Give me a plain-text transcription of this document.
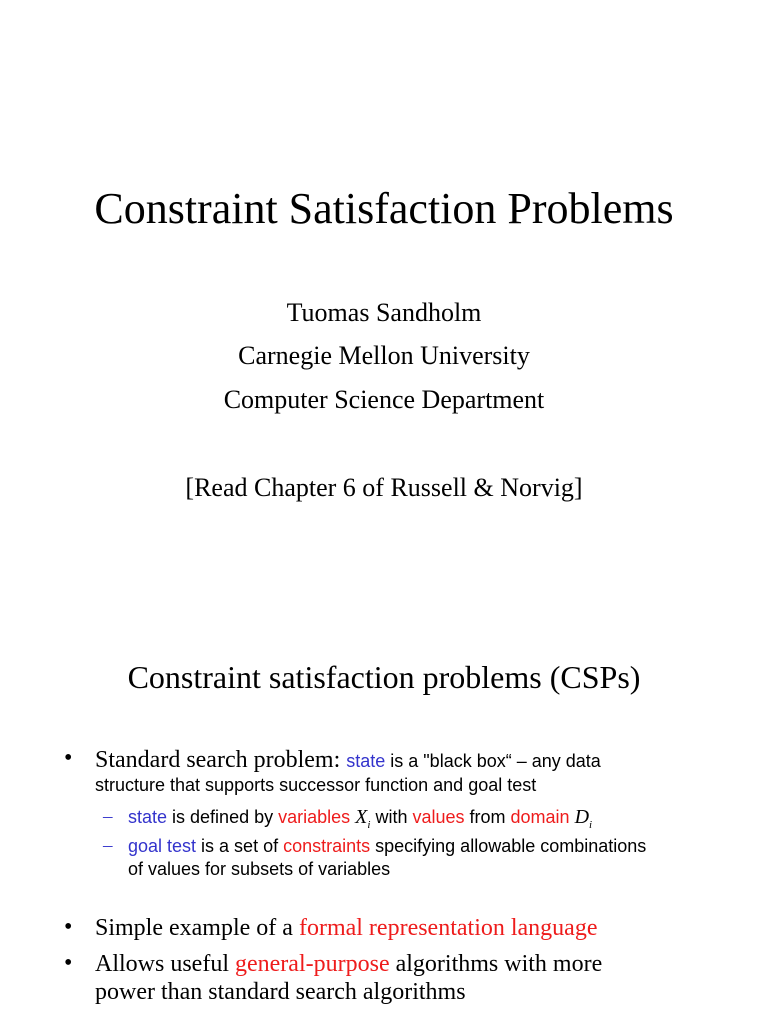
Constraint Satisfaction Problems
Tuomas Sandholm
Carnegie Mellon University
Computer Science Department
[Read Chapter 6 of Russell & Norvig]
Constraint satisfaction problems (CSPs)
• Standard search problem: state is a "black box“ – any data
structure that supports successor function and goal test
– state is defined by variables $X_i$ with values from domain $D_i$
– goal test is a set of constraints specifying allowable combinations
of values for subsets of variables
• Simple example of a formal representation language
• Allows useful general-purpose algorithms with more
power than standard search algorithms
